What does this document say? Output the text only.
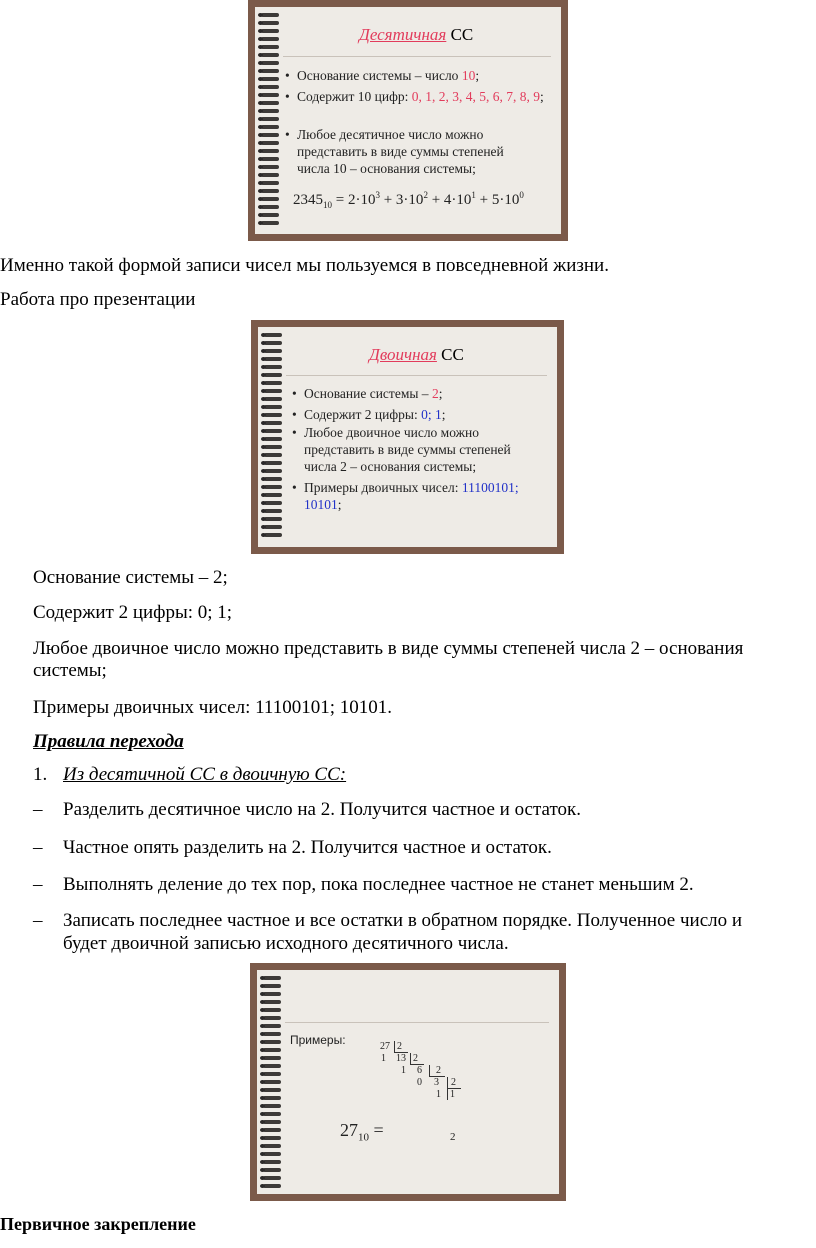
Десятичная СС
• Основание системы – число 10;
• Содержит 10 цифр: 0, 1, 2, 3, 4, 5, 6, 7, 8, 9;
• Любое десятичное число можно
представить в виде суммы степеней
числа 10 – основания системы;
$2345_{10} = 2\cdot 10^3 + 3\cdot 10^2 + 4\cdot 10^1 + 5\cdot 10^0$
Именно такой формой записи чисел мы пользуемся в повседневной жизни.
Работа про презентации
Двоичная СС
• Основание системы – 2;
• Содержит 2 цифры: 0; 1;
• Любое двоичное число можно
представить в виде суммы степеней
числа 2 – основания системы;
• Примеры двоичных чисел: 11100101;
10101;
Основание системы – 2;
Содержит 2 цифры: 0; 1;
Любое двоичное число можно представить в виде суммы степеней числа 2 – основания
системы;
Примеры двоичных чисел: 11100101; 10101.
Правила перехода
1. Из десятичной СС в двоичную СС:
– Разделить десятичное число на 2. Получится частное и остаток.
– Частное опять разделить на 2. Получится частное и остаток.
– Выполнять деление до тех пор, пока последнее частное не станет меньшим 2.
– Записать последнее частное и все остатки в обратном порядке. Полученное число и
будет двоичной записью исходного десятичного числа.
Примеры:	27 2
1 13 2
1 6 2
0 3 2
1 1
$27_{10}$ =	2
Первичное закрепление
